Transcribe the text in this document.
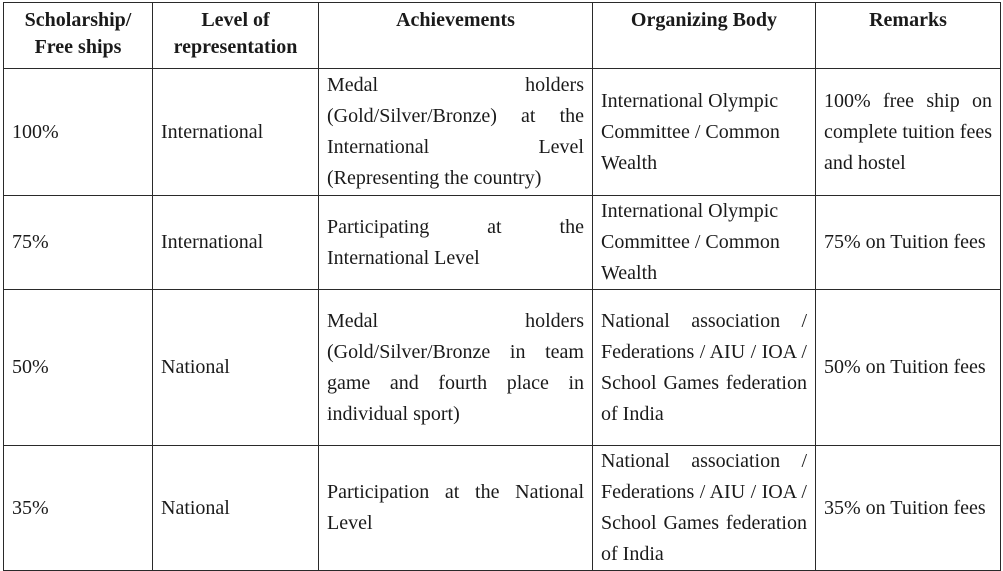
Scholarship/ Free ships	Level of representation	Achievements	Organizing Body	Remarks
100%	International	Medal holders (Gold/Silver/Bronze) at the International Level (Representing the country)	International Olympic Committee / Common Wealth	100% free ship on complete tuition fees and hostel
75%	International	Participating at the International Level	International Olympic Committee / Common Wealth	75% on Tuition fees
50%	National	Medal holders (Gold/Silver/Bronze in team game and fourth place in individual sport)	National association / Federations / AIU / IOA / School Games federation of India	50% on Tuition fees
35%	National	Participation at the National Level	National association / Federations / AIU / IOA / School Games federation of India	35% on Tuition fees
